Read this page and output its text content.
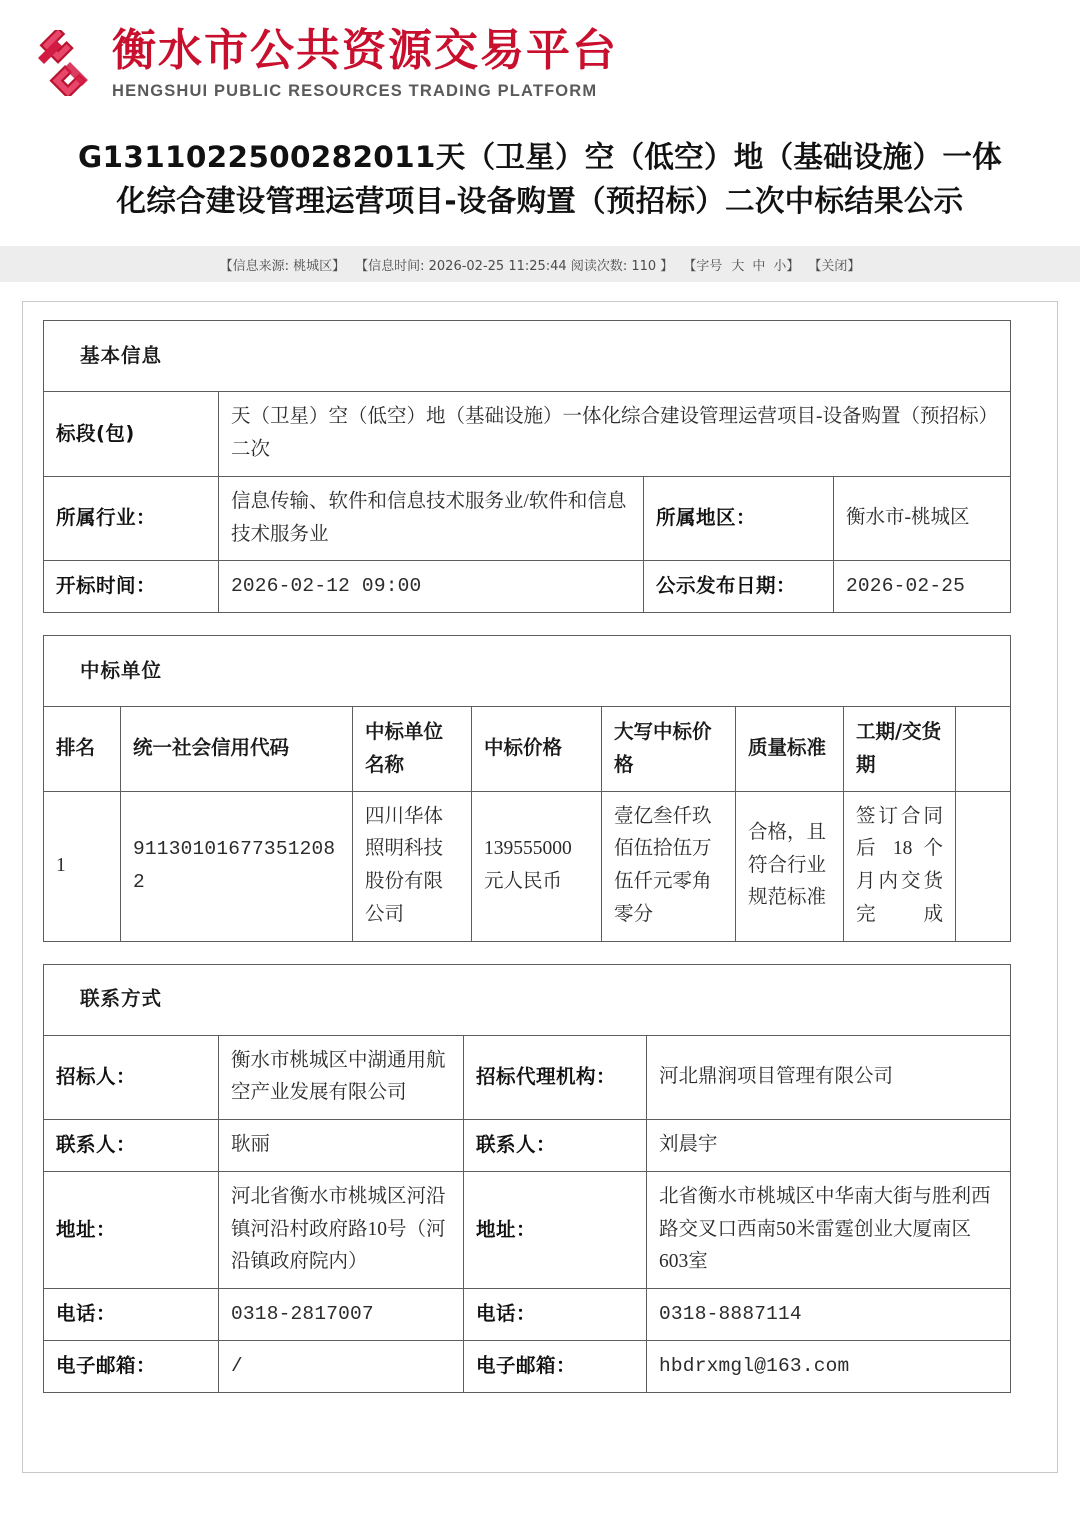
衡水市公共资源交易平台
HENGSHUI PUBLIC RESOURCES TRADING PLATFORM
G1311022500282011天（卫星）空（低空）地（基础设施）一体化综合建设管理运营项目-设备购置（预招标）二次中标结果公示
【信息来源: 桃城区】 【信息时间: 2026-02-25 11:25:44 阅读次数: 110 】 【字号 大 中 小】 【关闭】
基本信息			
标段(包)	天（卫星）空（低空）地（基础设施）一体化综合建设管理运营项目-设备购置（预招标）二次		
所属行业：	信息传输、软件和信息技术服务业/软件和信息技术服务业	所属地区：	衡水市-桃城区
开标时间：	2026-02-12 09:00	公示发布日期：	2026-02-25
中标单位							
排名	统一社会信用代码	中标单位名称	中标价格	大写中标价格	质量标准	工期/交货期	
1	911301016773512082	四川华体照明科技股份有限公司	139555000元人民币	壹亿叁仟玖佰伍拾伍万伍仟元零角零分	合格，且符合行业规范标准	签订合同后 18 个月内交货完成	
联系方式			
招标人：	衡水市桃城区中湖通用航空产业发展有限公司	招标代理机构：	河北鼎润项目管理有限公司
联系人：	耿丽	联系人：	刘晨宇
地址：	河北省衡水市桃城区河沿镇河沿村政府路10号（河沿镇政府院内）	地址：	北省衡水市桃城区中华南大街与胜利西路交叉口西南50米雷霆创业大厦南区603室
电话：	0318-2817007	电话：	0318-8887114
电子邮箱：	/	电子邮箱：	hbdrxmgl@163.com
